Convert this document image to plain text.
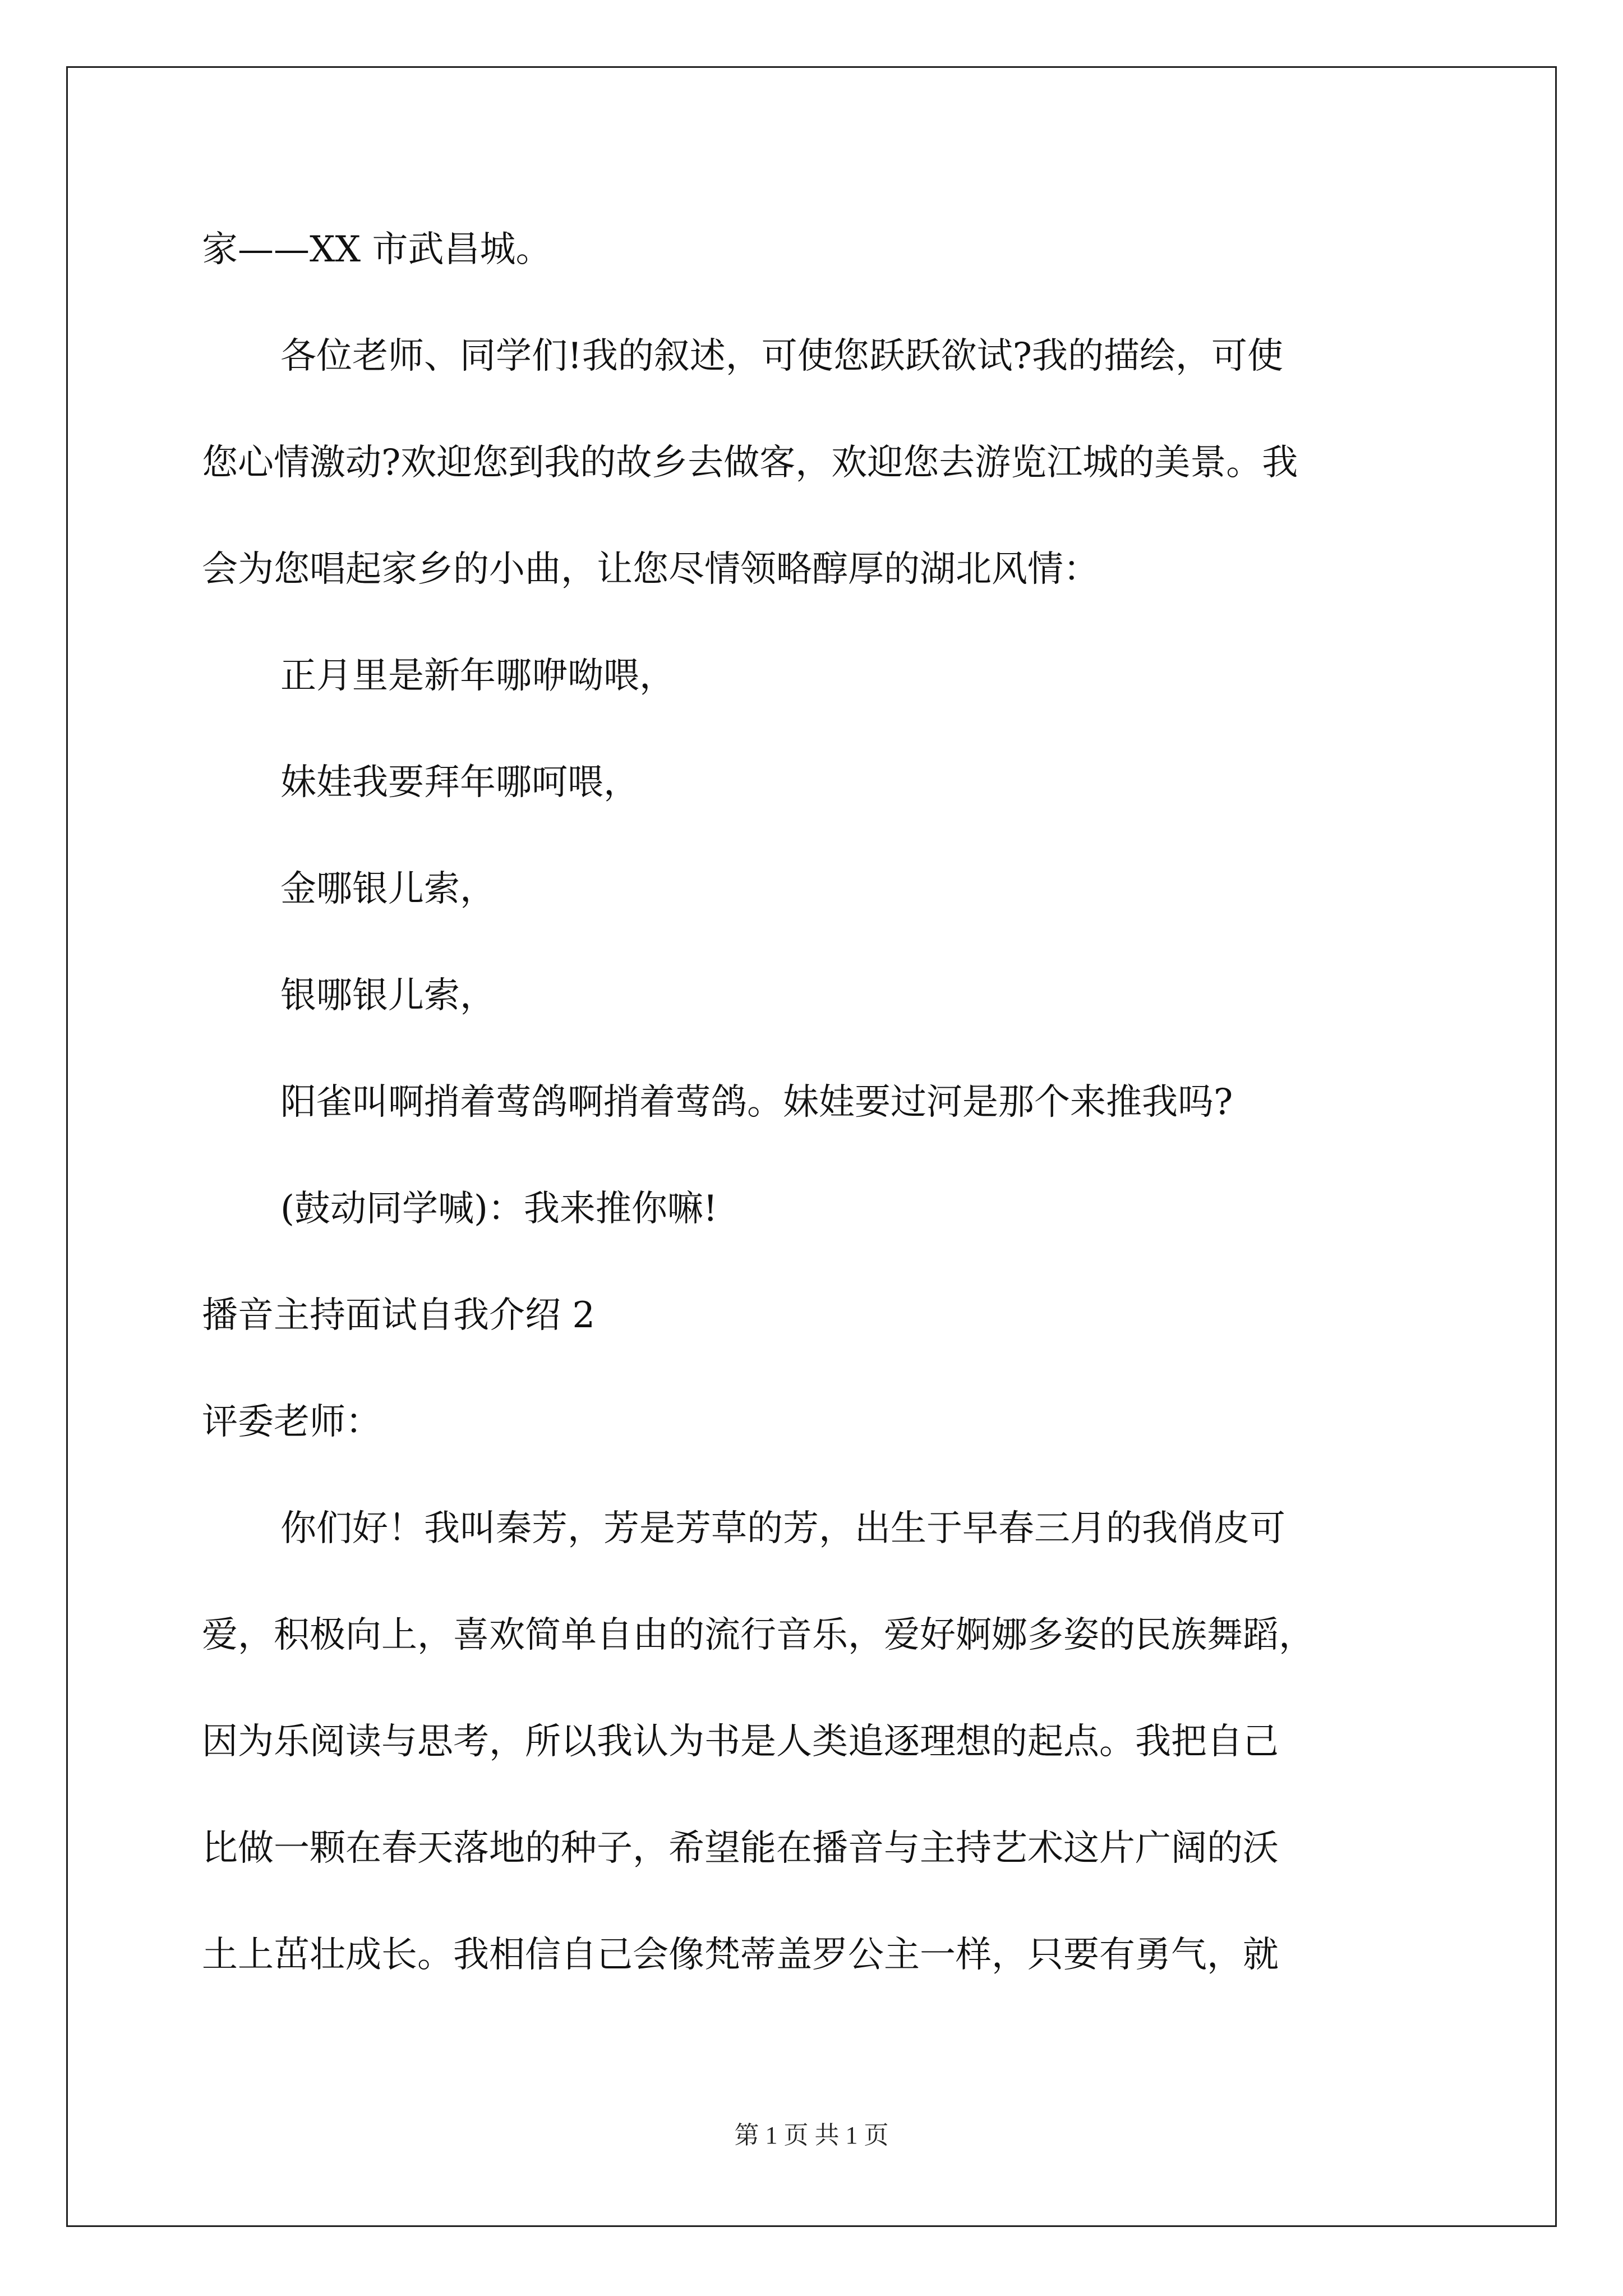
家——XX 市武昌城。
各位老师、同学们!我的叙述，可使您跃跃欲试?我的描绘，可使
您心情激动?欢迎您到我的故乡去做客，欢迎您去游览江城的美景。我
会为您唱起家乡的小曲，让您尽情领略醇厚的湖北风情：
正月里是新年哪咿呦喂，
妹娃我要拜年哪呵喂，
金哪银儿索，
银哪银儿索，
阳雀叫啊捎着莺鸽啊捎着莺鸽。妹娃要过河是那个来推我吗?
(鼓动同学喊)：我来推你嘛!
播音主持面试自我介绍 2
评委老师：
你们好！我叫秦芳，芳是芳草的芳，出生于早春三月的我俏皮可
爱，积极向上，喜欢简单自由的流行音乐，爱好婀娜多姿的民族舞蹈，
因为乐阅读与思考，所以我认为书是人类追逐理想的起点。我把自己
比做一颗在春天落地的种子，希望能在播音与主持艺术这片广阔的沃
土上茁壮成长。我相信自己会像梵蒂盖罗公主一样，只要有勇气，就
第 1 页 共 1 页
